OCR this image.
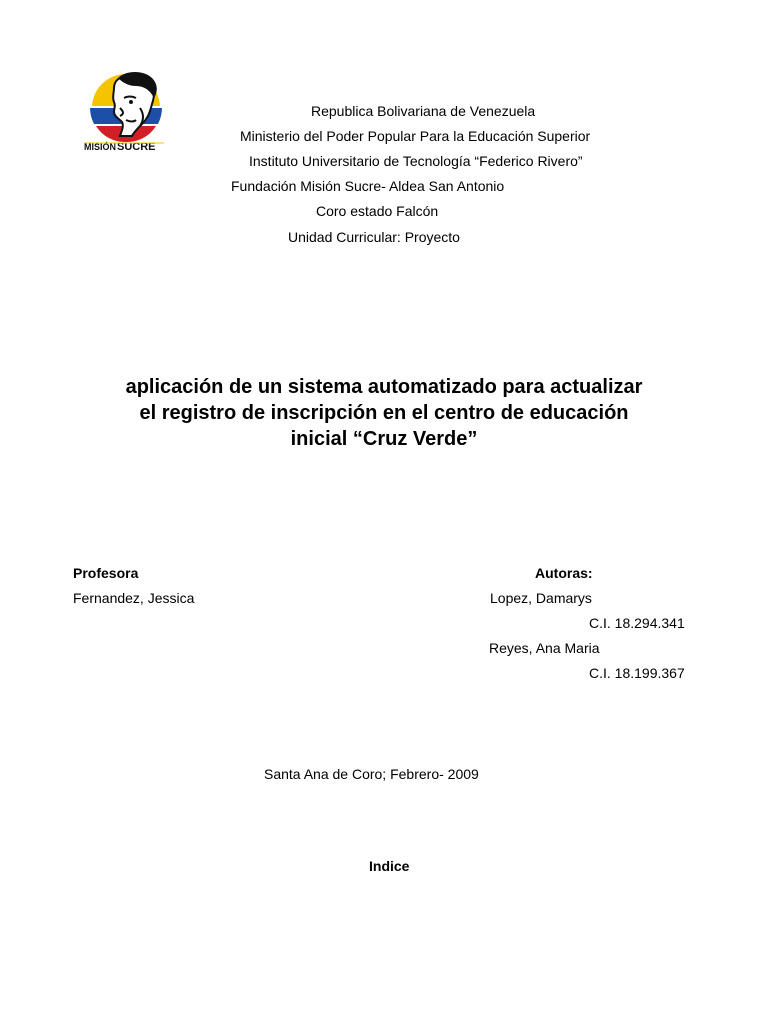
MISIÓN SUCRE
Republica Bolivariana de Venezuela
Ministerio del Poder Popular Para la Educación Superior
Instituto Universitario de Tecnología “Federico Rivero”
Fundación Misión Sucre- Aldea San Antonio
Coro estado Falcón
Unidad Curricular: Proyecto
aplicación de un sistema automatizado para actualizar
el registro de inscripción en el centro de educación
inicial “Cruz Verde”
Profesora
Fernandez, Jessica
Autoras:
Lopez, Damarys
C.I. 18.294.341
Reyes, Ana Maria
C.I. 18.199.367
Santa Ana de Coro; Febrero- 2009
Indice
